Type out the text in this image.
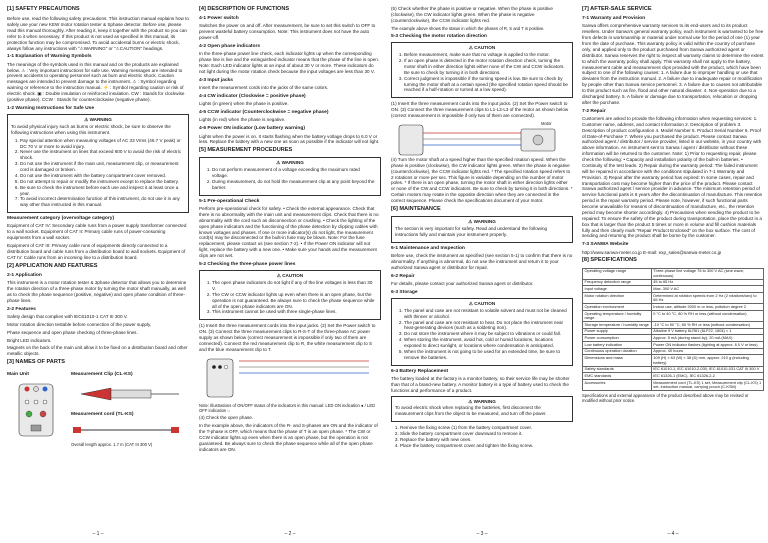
[1] SAFETY PRECAUTIONS

Before use, read the following safety precautions. This instruction manual explains how to safely use your new KEW motor rotation tester & Sphase detector. Before use, please read this manual thoroughly. After reading it, keep it together with the product so you can refer to it when necessary. If this product is not used as specified in this manual, its protection function may be compromised. To avoid accidental burns or electric shock, always follow any instructions with "⚠WARNING" or "⚠CAUTION" headings.

1-1 Explanation of Warning Symbols

The meanings of the symbols used in this manual and on the products are explained below. ⚠ : Very important instructions for safe use. Warning messages are intended to prevent accidents to operating personnel such as burn and electric shock. Caution messages are intended to prevent damage to the instrument. ⚠ : Symbol regarding warning or reference to the instruction manual. ⚡ : Symbol regarding caution or risk of electric shock. ▣ : Double insulation or reinforced insulation. CW : Stands for clockwise (positive phase). CCW : Stands for counterclockwise (negative phase).

1-2 Warning Instructions for Safe Use
⚠ WARNING

To avoid physical injury such as burns or electric shock, be sure to observe the following instructions when using this instrument.

1. Pay special attention when measuring voltages of AC 33 Vrms (46.7 V peak) or DC 70 V or more to avoid injury.
2. Never use the instrument on lines that exceed 600 V to avoid the risk of electric shock.
3. Do not use the instrument if the main unit, measurement clip, or measurement cord is damaged or broken.
4. Do not use the instrument with the battery compartment cover removed.
5. Do not attempt to repair or modify the instrument except to replace the battery.
6. Be sure to check the instrument before each use and inspect it at least once a year.
7. To avoid incorrect determination function of this instrument, do not use it in any way other than instructed in this manual.
Measurement category (overvoltage category)

Equipment of CAT IV: Secondary cable runs from a power supply transformer connected to a wall socket. Equipment of CAT II: Primary cable runs of power-consuming equipments from a wall socket.

Equipment of CAT III: Primary cable runs of equipments directly connected to a distribution board and cable runs from a distribution board to wall sockets. Equipment of CAT IV: Cable runs from an incoming line to a distribution board.

[2] APPLICATION AND FEATURES
2-1 Application

This instrument is a motor rotation tester & 3phase detector that allows you to determine the rotation direction of a three-phase motor by turning the motor shaft manually, as well as to check the phase sequence (positive, negative) and open phase condition of three-phase lines.

2-2 Features

Safety design that complies with IEC61010-1 CAT III 300 V.

Motor rotation direction testable before connection of the power supply.

Phase sequence and open phase checking of three-phase lines.

Bright LED indicators.

Magnets on the back of the main unit allow it to be fixed on a distribution board and other metallic objects.

[3] NAMES OF PARTS
Main Unit	Measurement Clip (CL-KS)
Measurement cord (TL-KS)
Overall length approx. 1.7 m (CAT III 300 V)
– 1 –
[4] DESCRIPTION OF FUNCTIONS
4-1 Power switch

Switches the power on and off. After measurement, be sure to set this switch to OFF to prevent wasteful battery consumption. Note: This instrument does not have the auto power-off.

4-2 Open phase indicators

In the three-phase power line check, each indicator lights up when the corresponding phase line is live and the extinguished indicator means that the phase of the line is open. Note: Each LED indicator lights at an input of about 30 V or more. These indicators do not light during the motor rotation check because the input voltages are less than 30 V.

4-3 Input jacks

Insert the measurement cords into the jacks of the same colors.

4-4 CW indicator (Clockwise = positive phase)

Lights (in green) when the phase is positive.

4-5 CCW indicator (Counterclockwise = negative phase)

Lights (in red) when the phase is negative.

4-6 Power ON indicator (Low battery warning)

Lights when the power is on. It starts flashing when the battery voltage drops to 6.0 V or less. Replace the battery with a new one as soon as possible if the indicator will not light.

[5] MEASUREMENT PROCEDURES
⚠ WARNING
1. Do not perform measurement of a voltage exceeding the maximum rated voltage.
2. During measurement, do not hold the measurement clip at any point beyond the barrier.
5-1 Pre-operational Check

Perform pre-operational check for safety. • Check the external appearance. Check that there is no abnormality with the main unit and measurement clips. Check that there is no abnormality with the cord such as disconnection or crushing. • Check the lighting of the open phase indicators and the functioning of the phase detection by clipping cables with known voltages and phases. If one or more indicator(s) do not light, the measurement cord(s) may be disconnected or the built-in fuse may be blown. Note: For the fuse replacement, please contact us (see section 7-2). • If the Power ON indicator will not light, replace the battery with a new one. • Make sure your hands and the measurement clips are not wet.

5-2 Checking the three-phase power lines
⚠ CAUTION
1. The open phase indicators do not light if any of the line voltages is less than 30 V.
2. The CW or CCW indicator lights up even when there is an open phase, but the operation is not guaranteed. Be always sure to check the phase sequence while all of the open phase indicators are ON.
3. This instrument cannot be used with three single-phase lines.

(1) Insert the three measurement cords into the input jacks. (2) Set the Power switch to ON. (3) Connect the three measurement clips to R-S-T of the three-phase AC power supply as shown below (correct measurement is impossible if only two of them are connected). Connect the red measurement clip to R, the white measurement clip to S and the blue measurement clip to T.

Note: Illustrations of ON/OFF status of the indicators in this manual: LED ON indication ● / LED OFF indication ○

(4) Check the open phase.

In the example above, the indicators of the R- and S-phases are ON and the indicator of the T-phase is OFF, which means that the phase of T is an open phase. * The CW or CCW indicator lights up even when there is an open phase, but the operation is not guaranteed. Be always sure to check the phase sequence while all of the open phase indicators are ON.

– 2 –

(5) Check whether the phase is positive or negative. When the phase is positive (clockwise), the CW indicator lights green. When the phase is negative (counterclockwise), the CCW indicator lights red.

The example above shows the status in which the phases of R, S and T is positive.

5-3 Checking the motor rotation direction
⚠ CAUTION
1. Before measurement, make sure that no voltage is applied to the motor.
2. If an open phase is detected in the motor rotation direction check, turning the motor shaft in either direction lights either none of the CW and CCW indicators. Be sure to check by turning it in both directions.
3. Correct judgment is impossible if the turning speed is low. Be sure to check by turning the motor shaft at a certain speed (the specified rotation speed should be reached if a half-rotation or turned at a low speed).

(1) Insert the three measurement cords into the input jacks. (2) Set the Power switch to ON. (3) Connect the three measurement clips to L1-L2-L3 of the motor as shown below (correct measurement is impossible if only two of them are connected).

Motor

(4) Turn the motor shaft at a speed higher than the specified rotation speed. When the phase is positive (clockwise), the CW indicator lights green. When the phase is negative (counterclockwise), the CCW indicator lights red. * The specified rotation speed refers to 2 rotations or more per sec. This figure is variable depending on the number of motor poles. * If there is an open phase, turning the motor shaft in either direction lights either or none of the CW and CCW indicators. Be sure to check by turning it in both directions. * Certain motors may rotate in the opposite direction when they are connected in the correct sequence. Please check the specifications document of your motor.

[6] MAINTENANCE
⚠ WARNING

The section is very important for safety. Read and understand the following instructions fully and maintain your instrument properly.

6-1 Maintenance and Inspection

Before use, check the instrument as specified (see section 5-1) to confirm that there is no abnormality. If anything is abnormal, do not use the instrument and return it to your authorized Sanwa agent or distributor for repair.

6-2 Repair

For details, please contact your authorized Sanwa agent or distributor.

6-3 Storage
⚠ CAUTION
1. The panel and case are not resistant to volatile solvent and must not be cleaned with thinner or alcohol.
2. The panel and case are not resistant to heat. Do not place the instrument near heat-generating devices (such as a soldering iron).
3. Do not store the instrument where it may be subject to vibrations or could fall.
4. When storing the instrument, avoid hot, cold or humid locations, locations exposed to direct sunlight, or locations where condensation is anticipated.
5. When the instrument is not going to be used for an extended time, be sure to remove the batteries.
6-4 Battery Replacement

The battery loaded at the factory is a monitor battery, so their service life may be shorter than that of a brand-new battery. A monitor battery is a type of battery used to check the functions and performance of a product.

⚠ WARNING

To avoid electric shock when replacing the batteries, first disconnect the measurement clips from the object to be measured, and turn off the power.

1. Remove the fixing screw (1) from the battery compartment cover.
2. Slide the battery compartment cover downward to remove it.
3. Replace the battery with new ones.
4. Place the battery compartment cover and tighten the fixing screw.
– 3 –
[7] AFTER-SALE SERVICE
7-1 Warranty and Provision

Sanwa offers comprehensive warranty services to its end-users and to its product resellers. Under Sanwa's general warranty policy, each instrument is warranted to be free from defects in workmanship or material under normal use for the period of one (1) year from the date of purchase. This warranty policy is valid within the country of purchase only, and applied only to the product purchased from Sanwa authorized agent or distributor. Sanwa reserves the right to inspect all warranty claims to determine the extent to which the warranty policy shall apply. This warranty shall not apply to the battery, measurement cable and measurement clips provided with the product, which have been subject to one of the following causes: 1. A failure due to improper handling or use that deviates from the instruction manual. 2. A failure due to inadequate repair or modification by people other than Sanwa service personnel. 3. A failure due to causes not attributable to this product such as fire, flood and other natural disaster. 4. Non-operation due to a discharged battery. 5. A failure or damage due to transportation, relocation or dropping after the purchase.

7-2 Repair

Customers are asked to provide the following information when requesting services: 1. Customer name, address, and contact information 2. Description of problem 3. Description of product configuration 4. Model Number 5. Product Serial Number 6. Proof of Date-of-Purchase 7. Where you purchased the product. Please contact Sanwa authorized agent / distributor / service provider, listed in our website, in your country with above information. An instrument sent to Sanwa / agent / distributor without these information will be returned to the customer. Note: 1) Prior to requesting repair, please check the following: • Capacity and installation polarity of the built-in batteries. • Continuity of the test leads. 2) Repair during the warranty period: The failed instrument will be repaired in accordance with the conditions stipulated in 7-1 Warranty and Provision. 3) Repair after the warranty period has expired: In some cases, repair and transportation cost may become higher than the price of the product. Please contact Sanwa authorized agent / service provider in advance. The minimum retention period of service functional parts is 6 years after the discontinuation of manufacture. This retention period is the repair warranty period. Please note, however, if such functional parts become unavailable for reasons of discontinuation of manufacture, etc., the retention period may become shorter accordingly. 4) Precautions when sending the product to be repaired: To ensure the safety of the product during transportation, place the product in a box that is larger than the product 5 times or more in volume and fill cushion materials fully and then clearly mark "Repair Product Enclosed" on the box surface. The cost of sending and returning the product shall be borne by the customer.

7-3 SANWA Website

http://www.sanwa-meter.co.jp E-mail: exp_sales@sanwa-meter.co.jp

[8] SPECIFICATIONS
Operating voltage range	Three-phase line voltage 76 to 300 V AC (sine wave, continuous)
Frequency detection range	45 to 65 Hz
Input voltage	Max. 300 V AC
Motor rotation direction	Determined at rotation speeds from 2 Hz (2 rotations/sec) to 65 Hz
Operation environment	Indoor use, altitude 2000 m or less, pollution degree 2
Operating temperature / humidity range	0 °C to 40 °C, 80 % RH or less (without condensation)
Storage temperature / humidity range	-10 °C to 50 °C, 80 % RH or less (without condensation)
Power supply	Alkaline 9 V battery 6LR61 (6LF22, 1604) × 1
Power consumption	Approx. 5 mA (during stand-by), 20 mA (MAX)
Low battery indication	Power ON indicator flashes (lighting at approx. 6.0 V or less)
Continuous operation duration	Approx. 40 hours
Dimensions and mass	109 (H) × 63 (W) × 38 (D) mm, approx. 210 g (including battery)
Safety standards	IEC 61010-1, IEC 61010-2-030, IEC 61010-031 CAT III 300 V
EMC standards	IEC 61326-1 (EMC), IEC 61326-2-2
Accessories	Measurement cord (TL-KS) 1 set, Measurement clip (CL-KS) 1 set, instruction manual, carrying pouch (C-KSM)

Specifications and external appearance of the product described above may be revised or modified without prior notice.

– 4 –
